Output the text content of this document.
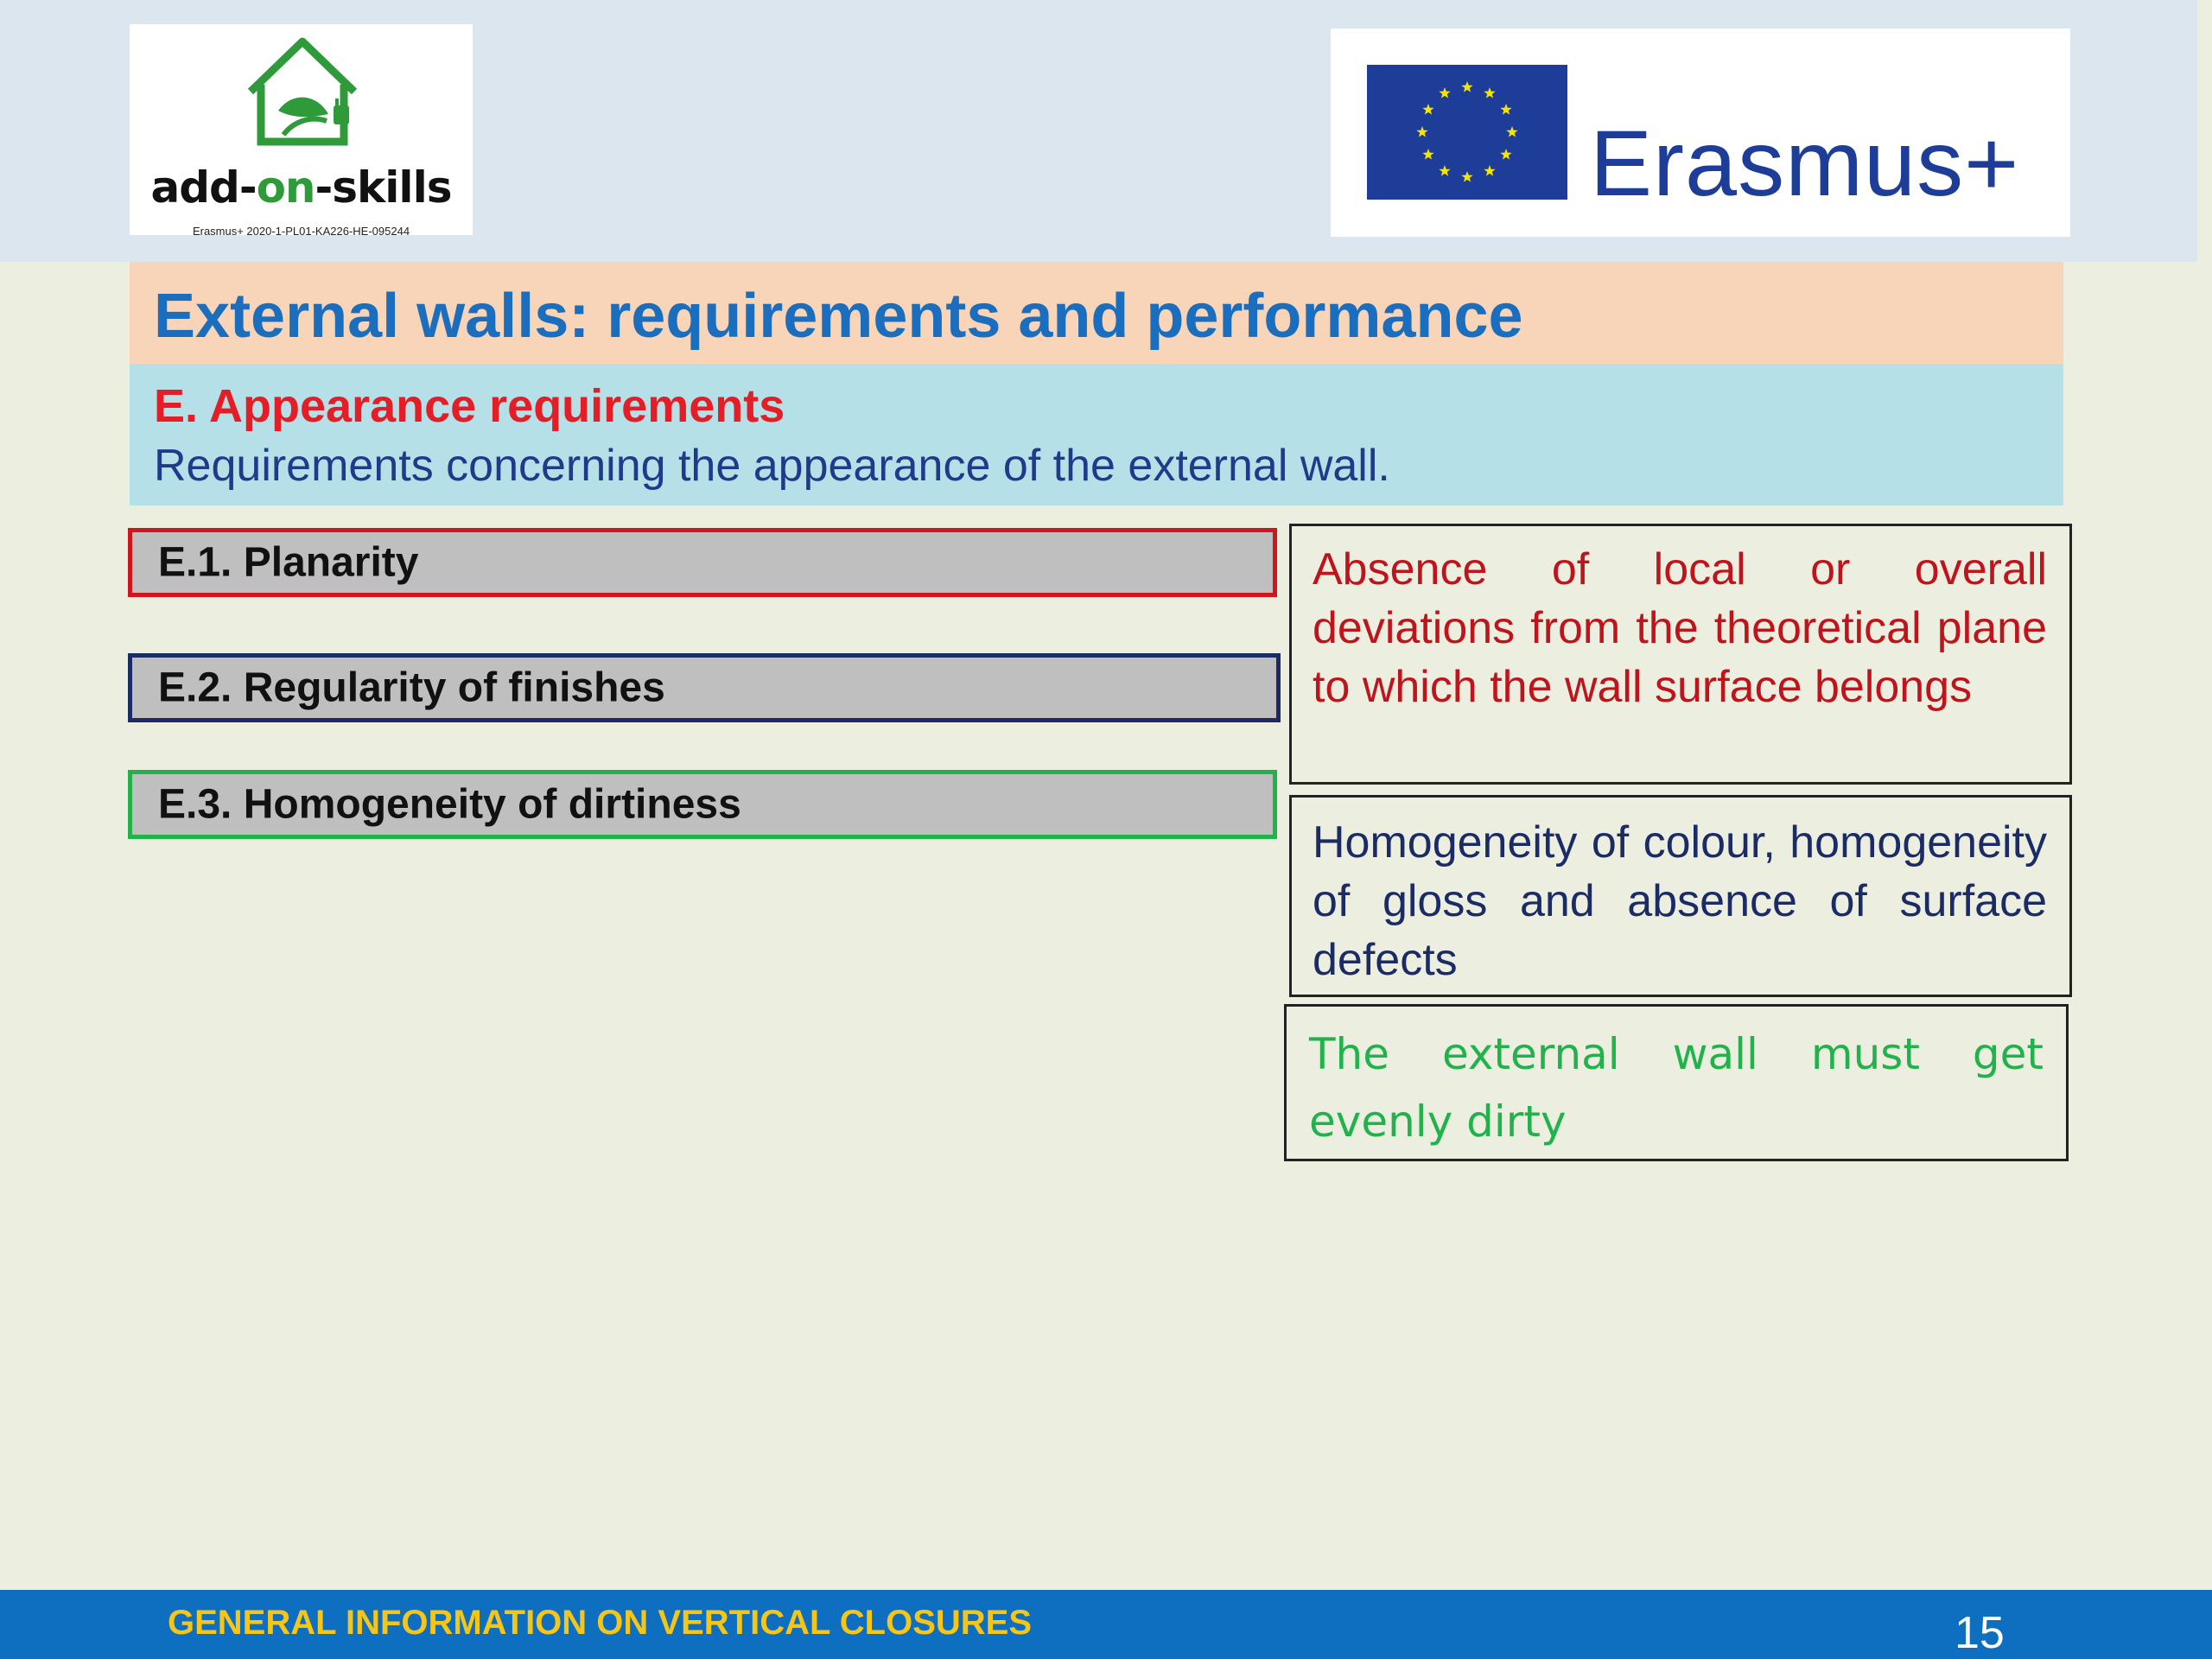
add-on-skills
Erasmus+ 2020-1-PL01-KA226-HE-095244
Erasmus+
External walls: requirements and performance
E. Appearance requirements
Requirements concerning the appearance of the external wall.
E.1. Planarity
E.2. Regularity of finishes
E.3. Homogeneity of dirtiness
Absence of local or overall deviations from the theoretical plane to which the wall surface belongs
Homogeneity of colour, homogeneity of gloss and absence of surface defects
The external wall must get evenly dirty
GENERAL INFORMATION ON VERTICAL CLOSURES	15
